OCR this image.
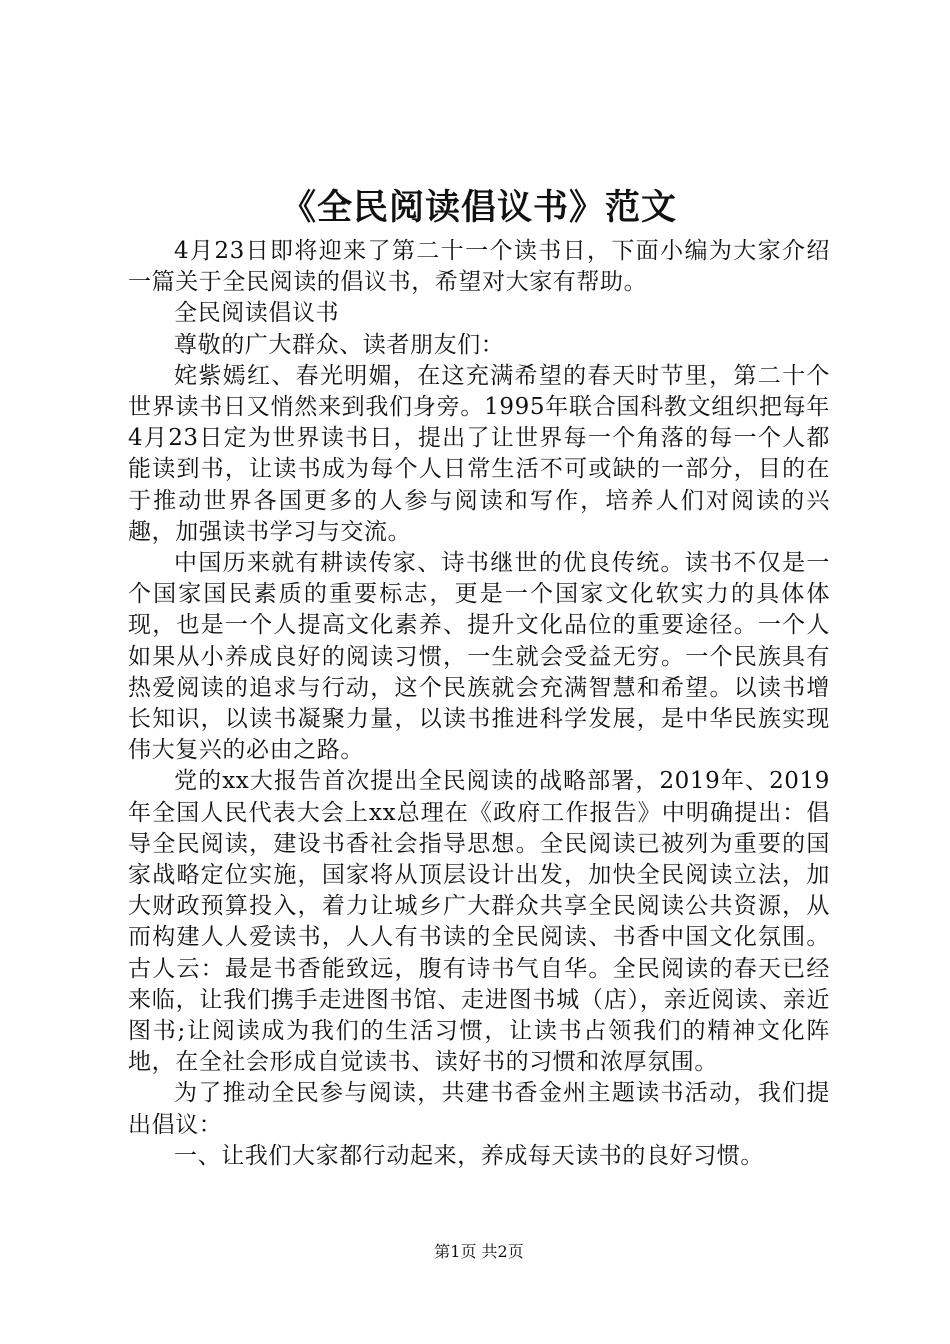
《全民阅读倡议书》范文

4月23日即将迎来了第二十一个读书日，下面小编为大家介绍一篇关于全民阅读的倡议书，希望对大家有帮助。

全民阅读倡议书

尊敬的广大群众、读者朋友们：

姹紫嫣红、春光明媚，在这充满希望的春天时节里，第二十个世界读书日又悄然来到我们身旁。1995年联合国科教文组织把每年4月23日定为世界读书日，提出了让世界每一个角落的每一个人都能读到书，让读书成为每个人日常生活不可或缺的一部分，目的在于推动世界各国更多的人参与阅读和写作，培养人们对阅读的兴趣，加强读书学习与交流。

中国历来就有耕读传家、诗书继世的优良传统。读书不仅是一个国家国民素质的重要标志，更是一个国家文化软实力的具体体现，也是一个人提高文化素养、提升文化品位的重要途径。一个人如果从小养成良好的阅读习惯，一生就会受益无穷。一个民族具有热爱阅读的追求与行动，这个民族就会充满智慧和希望。以读书增长知识，以读书凝聚力量，以读书推进科学发展，是中华民族实现伟大复兴的必由之路。

党的xx大报告首次提出全民阅读的战略部署，2019年、2019年全国人民代表大会上xx总理在《政府工作报告》中明确提出：倡导全民阅读，建设书香社会指导思想。全民阅读已被列为重要的国家战略定位实施，国家将从顶层设计出发，加快全民阅读立法，加大财政预算投入，着力让城乡广大群众共享全民阅读公共资源，从而构建人人爱读书，人人有书读的全民阅读、书香中国文化氛围。古人云：最是书香能致远，腹有诗书气自华。全民阅读的春天已经来临，让我们携手走进图书馆、走进图书城（店），亲近阅读、亲近图书;让阅读成为我们的生活习惯，让读书占领我们的精神文化阵地，在全社会形成自觉读书、读好书的习惯和浓厚氛围。

为了推动全民参与阅读，共建书香金州主题读书活动，我们提出倡议：

一、让我们大家都行动起来，养成每天读书的良好习惯。

第1页 共2页
